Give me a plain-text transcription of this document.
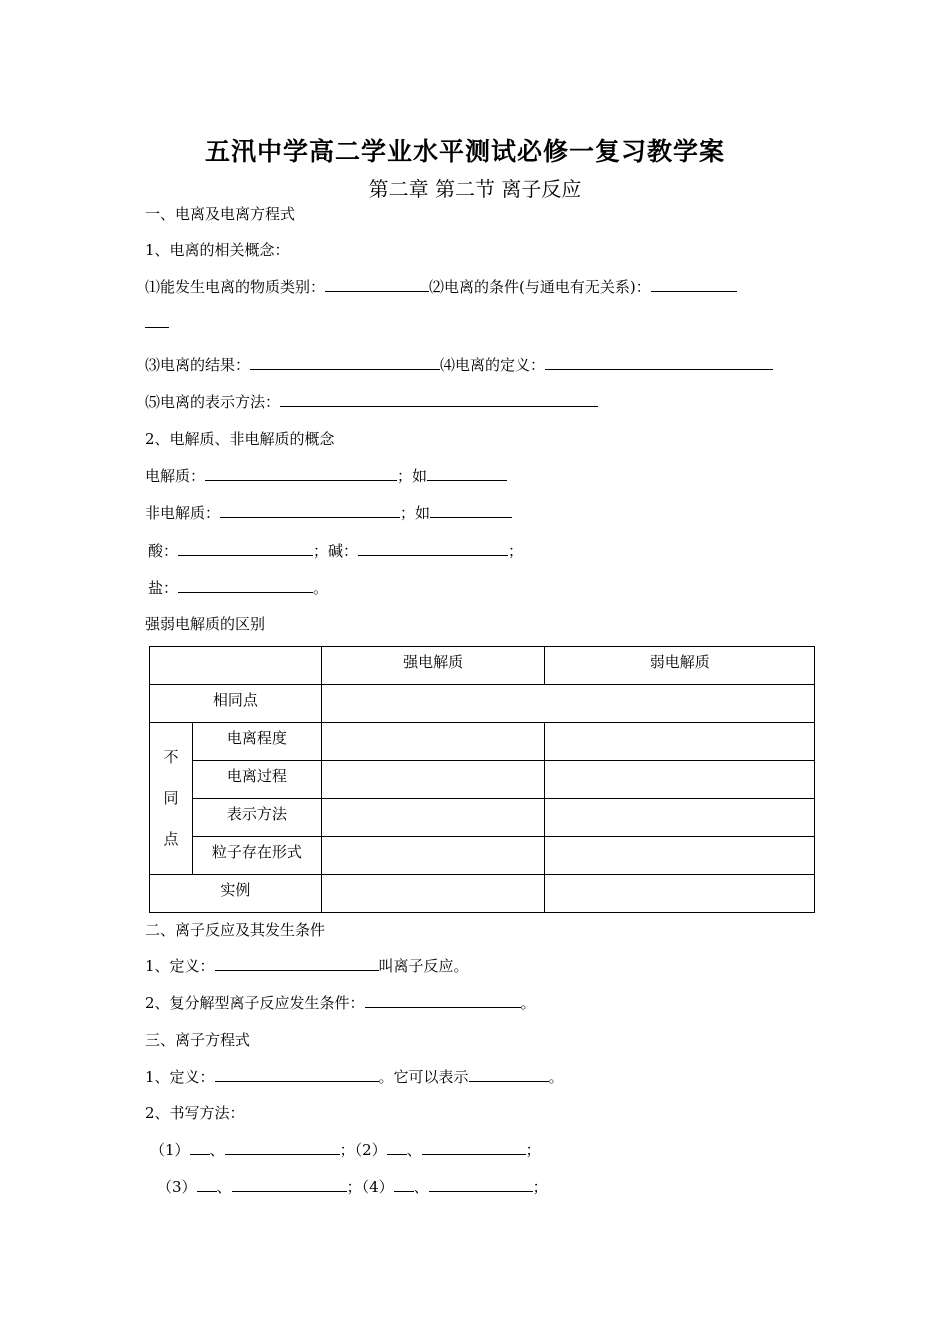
五汛中学高二学业水平测试必修一复习教学案
第二章 第二节 离子反应
一、电离及电离方程式
1、电离的相关概念：
⑴能发生电离的物质类别：	⑵电离的条件(与通电有无关系)：
⑶电离的结果：	⑷电离的定义：
⑸电离的表示方法：
2、电解质、非电解质的概念
电解质：	；如
非电解质：	；如
酸：	；碱：	；
盐：	。
强弱电解质的区别

		强电解质	弱电解质

相同点			

不
同
点	电离程度		

	电离过程		

	表示方法		

	粒子存在形式		

实例			

二、离子反应及其发生条件
1、定义：	叫离子反应。
2、复分解型离子反应发生条件：	。
三、离子方程式
1、定义：	。它可以表示	。
2、书写方法：
（1） 、	；（2） 、	；
（3） 、	；（4） 、	；
